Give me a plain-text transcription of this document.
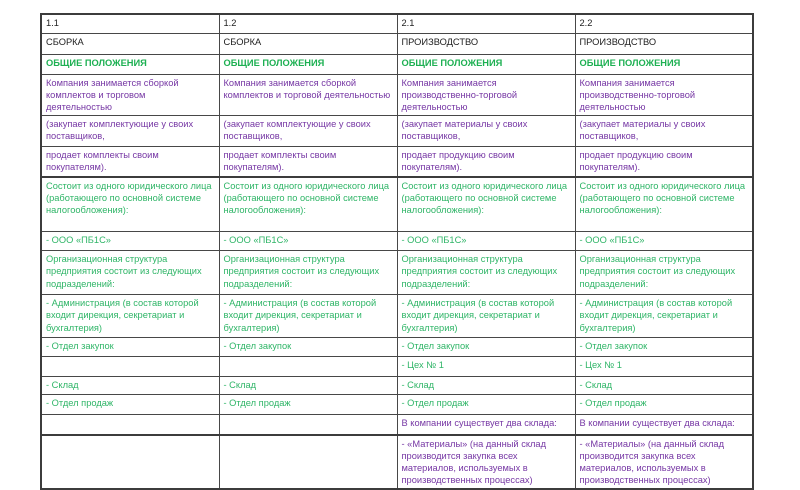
1.1	1.2	2.1	2.2
СБОРКА	СБОРКА	ПРОИЗВОДСТВО	ПРОИЗВОДСТВО
ОБЩИЕ ПОЛОЖЕНИЯ	ОБЩИЕ ПОЛОЖЕНИЯ	ОБЩИЕ ПОЛОЖЕНИЯ	ОБЩИЕ ПОЛОЖЕНИЯ
Компания занимается сборкой комплектов и торговом деятельностью	Компания занимается сборкой комплектов и торговой деятельностью	Компания занимается производственно-торговой деятельностью	Компания занимается производственно-торговой деятельностью
(закупает комплектующие у своих поставщиков,	(закупает комплектующие у своих поставщиков,	(закупает материалы у своих поставщиков,	(закупает материалы у своих поставщиков,
продает комплекты своим покупателям).	продает комплекты своим покупателям).	продает продукцию своим покупателям).	продает продукцию своим покупателям).
Состоит из одного юридического лица (работающего по основной системе налогообложения):	Состоит из одного юридического лица (работающего по основной системе налогообложения):	Состоит из одного юридического лица (работающего по основной системе налогообложения):	Состоит из одного юридического лица (работающего по основной системе налогообложения):
- ООО «ПБ1С»	- ООО «ПБ1С»	- ООО «ПБ1С»	- ООО «ПБ1С»
Организационная структура предприятия состоит из следующих подразделений:	Организационная структура предприятия состоит из следующих подразделений:	Организационная структура предприятия состоит из следующих подразделений:	Организационная структура предприятия состоит из следующих подразделений:
- Администрация (в состав которой входит дирекция, секретариат и бухгалтерия)	- Администрация (в состав которой входит дирекция, секретариат и бухгалтерия)	- Администрация (в состав которой входит дирекция, секретариат и бухгалтерия)	- Администрация (в состав которой входит дирекция, секретариат и бухгалтерия)
- Отдел закупок	- Отдел закупок	- Отдел закупок	- Отдел закупок
		- Цех № 1	- Цех № 1
- Склад	- Склад	- Склад	- Склад
- Отдел продаж	- Отдел продаж	- Отдел продаж	- Отдел продаж
		В компании существует два склада:	В компании существует два склада:
		- «Материалы» (на данный склад производится закупка всех материалов, используемых в производственных процессах)	- «Материалы» (на данный склад производится закупка всех материалов, используемых в производственных процессах)
